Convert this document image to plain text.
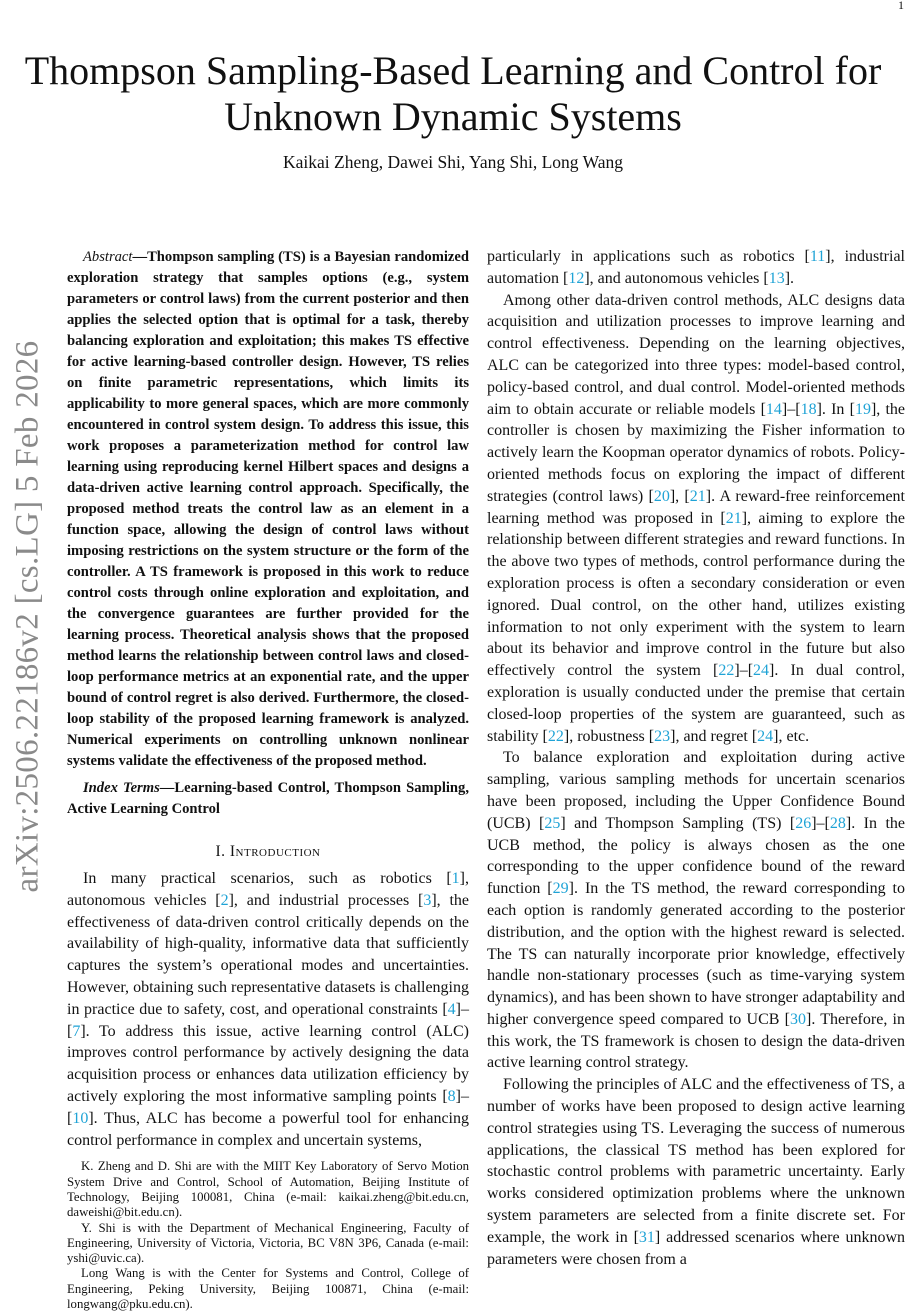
1
Thompson Sampling-Based Learning and Control for Unknown Dynamic Systems
Kaikai Zheng, Dawei Shi, Yang Shi, Long Wang
arXiv:2506.22186v2 [cs.LG] 5 Feb 2026
Abstract—Thompson sampling (TS) is a Bayesian randomized exploration strategy that samples options (e.g., system parameters or control laws) from the current posterior and then applies the selected option that is optimal for a task, thereby balancing exploration and exploitation; this makes TS effective for active learning-based controller design. However, TS relies on finite parametric representations, which limits its applicability to more general spaces, which are more commonly encountered in control system design. To address this issue, this work proposes a parameterization method for control law learning using reproducing kernel Hilbert spaces and designs a data-driven active learning control approach. Specifically, the proposed method treats the control law as an element in a function space, allowing the design of control laws without imposing restrictions on the system structure or the form of the controller. A TS framework is proposed in this work to reduce control costs through online exploration and exploitation, and the convergence guarantees are further provided for the learning process. Theoretical analysis shows that the proposed method learns the relationship between control laws and closed-loop performance metrics at an exponential rate, and the upper bound of control regret is also derived. Furthermore, the closed-loop stability of the proposed learning framework is analyzed. Numerical experiments on controlling unknown nonlinear systems validate the effectiveness of the proposed method.
Index Terms—Learning-based Control, Thompson Sampling, Active Learning Control
I. Introduction

In many practical scenarios, such as robotics [1], autonomous vehicles [2], and industrial processes [3], the effectiveness of data-driven control critically depends on the availability of high-quality, informative data that sufficiently captures the system’s operational modes and uncertainties. However, obtaining such representative datasets is challenging in practice due to safety, cost, and operational constraints [4]–[7]. To address this issue, active learning control (ALC) improves control performance by actively designing the data acquisition process or enhances data utilization efficiency by actively exploring the most informative sampling points [8]–[10]. Thus, ALC has become a powerful tool for enhancing control performance in complex and uncertain systems,

K. Zheng and D. Shi are with the MIIT Key Laboratory of Servo Motion System Drive and Control, School of Automation, Beijing Institute of Technology, Beijing 100081, China (e-mail: kaikai.zheng@bit.edu.cn, daweishi@bit.edu.cn).

Y. Shi is with the Department of Mechanical Engineering, Faculty of Engineering, University of Victoria, Victoria, BC V8N 3P6, Canada (e-mail: yshi@uvic.ca).

Long Wang is with the Center for Systems and Control, College of Engineering, Peking University, Beijing 100871, China (e-mail: longwang@pku.edu.cn).

particularly in applications such as robotics [11], industrial automation [12], and autonomous vehicles [13].

Among other data-driven control methods, ALC designs data acquisition and utilization processes to improve learning and control effectiveness. Depending on the learning objectives, ALC can be categorized into three types: model-based control, policy-based control, and dual control. Model-oriented methods aim to obtain accurate or reliable models [14]–[18]. In [19], the controller is chosen by maximizing the Fisher information to actively learn the Koopman operator dynamics of robots. Policy-oriented methods focus on exploring the impact of different strategies (control laws) [20], [21]. A reward-free reinforcement learning method was proposed in [21], aiming to explore the relationship between different strategies and reward functions. In the above two types of methods, control performance during the exploration process is often a secondary consideration or even ignored. Dual control, on the other hand, utilizes existing information to not only experiment with the system to learn about its behavior and improve control in the future but also effectively control the system [22]–[24]. In dual control, exploration is usually conducted under the premise that certain closed-loop properties of the system are guaranteed, such as stability [22], robustness [23], and regret [24], etc.

To balance exploration and exploitation during active sampling, various sampling methods for uncertain scenarios have been proposed, including the Upper Confidence Bound (UCB) [25] and Thompson Sampling (TS) [26]–[28]. In the UCB method, the policy is always chosen as the one corresponding to the upper confidence bound of the reward function [29]. In the TS method, the reward corresponding to each option is randomly generated according to the posterior distribution, and the option with the highest reward is selected. The TS can naturally incorporate prior knowledge, effectively handle non-stationary processes (such as time-varying system dynamics), and has been shown to have stronger adaptability and higher convergence speed compared to UCB [30]. Therefore, in this work, the TS framework is chosen to design the data-driven active learning control strategy.

Following the principles of ALC and the effectiveness of TS, a number of works have been proposed to design active learning control strategies using TS. Leveraging the success of numerous applications, the classical TS method has been explored for stochastic control problems with parametric uncertainty. Early works considered optimization problems where the unknown system parameters are selected from a finite discrete set. For example, the work in [31] addressed scenarios where unknown parameters were chosen from a
